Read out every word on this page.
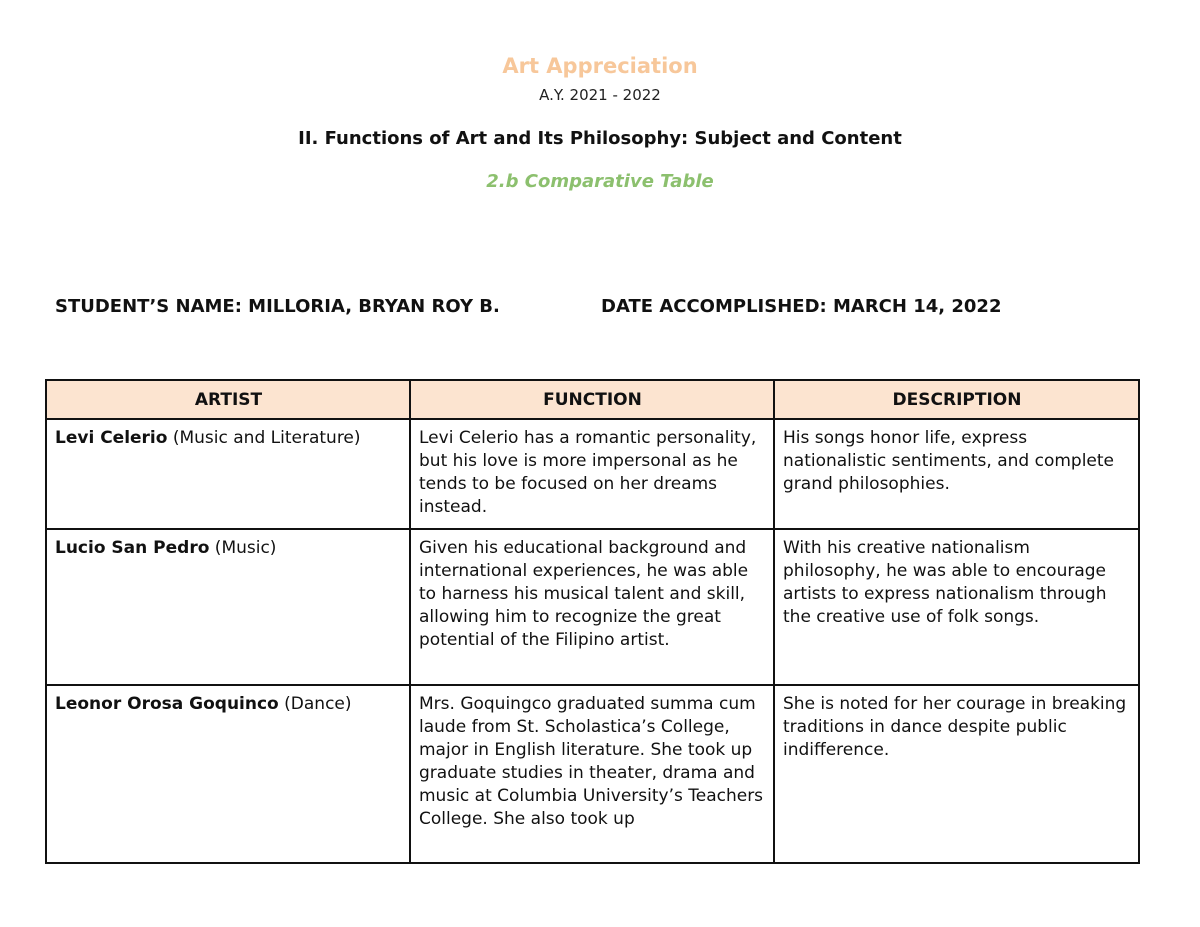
Art Appreciation
A.Y. 2021 - 2022
II. Functions of Art and Its Philosophy: Subject and Content
2.b Comparative Table
STUDENT’S NAME: MILLORIA, BRYAN ROY B.	DATE ACCOMPLISHED: MARCH 14, 2022
ARTIST	FUNCTION	DESCRIPTION
Levi Celerio (Music and Literature)	Levi Celerio has a romantic personality, but his love is more impersonal as he tends to be focused on her dreams instead.	His songs honor life, express nationalistic sentiments, and complete grand philosophies.
Lucio San Pedro (Music)	Given his educational background and international experiences, he was able to harness his musical talent and skill, allowing him to recognize the great potential of the Filipino artist.	With his creative nationalism philosophy, he was able to encourage artists to express nationalism through the creative use of folk songs.
Leonor Orosa Goquinco (Dance)	Mrs. Goquingco graduated summa cum laude from St. Scholastica’s College, major in English literature. She took up graduate studies in theater, drama and music at Columbia University’s Teachers College. She also took up	She is noted for her courage in breaking traditions in dance despite public indifference.
